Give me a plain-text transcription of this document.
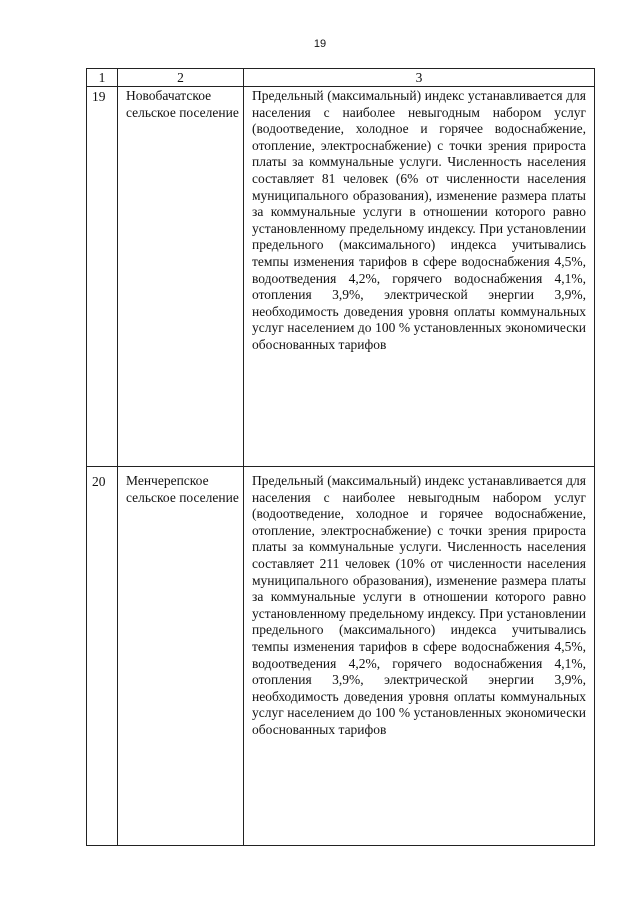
19
1	2	3
19 Новобачатское сельское поселение
Предельный (максимальный) индекс устанавливается для населения с наиболее невыгодным набором услуг (водоотведение, холодное и горячее водоснабжение, отопление, электроснабжение) с точки зрения прироста платы за коммунальные услуги. Численность населения составляет 81 человек (6% от численности населения муниципального образования), изменение размера платы за коммунальные услуги в отношении которого равно установленному предельному индексу. При установлении предельного (максимального) индекса учитывались темпы изменения тарифов в сфере водоснабжения 4,5%, водоотведения 4,2%, горячего водоснабжения 4,1%, отопления 3,9%, электрической энергии 3,9%, необходимость доведения уровня оплаты коммунальных услуг населением до 100 % установленных экономически обоснованных тарифов
20 Менчерепское сельское поселение
Предельный (максимальный) индекс устанавливается для населения с наиболее невыгодным набором услуг (водоотведение, холодное и горячее водоснабжение, отопление, электроснабжение) с точки зрения прироста платы за коммунальные услуги. Численность населения составляет 211 человек (10% от численности населения муниципального образования), изменение размера платы за коммунальные услуги в отношении которого равно установленному предельному индексу. При установлении предельного (максимального) индекса учитывались темпы изменения тарифов в сфере водоснабжения 4,5%, водоотведения 4,2%, горячего водоснабжения 4,1%, отопления 3,9%, электрической энергии 3,9%, необходимость доведения уровня оплаты коммунальных услуг населением до 100 % установленных экономически обоснованных тарифов
